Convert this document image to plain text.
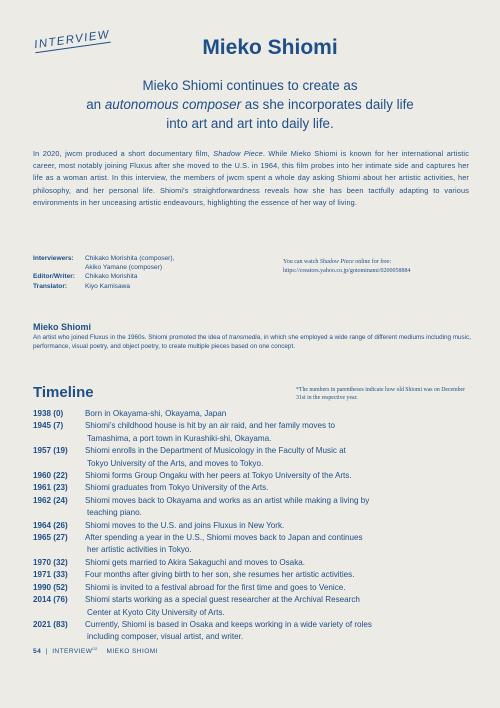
INTERVIEW	Mieko Shiomi

Mieko Shiomi continues to create as

an autonomous composer as she incorporates daily life

into art and art into daily life.

In 2020, jwcm produced a short documentary film, Shadow Piece. While Mieko Shiomi is known for her international artistic career, most notably joining Fluxus after she moved to the U.S. in 1964, this film probes into her intimate side and captures her life as a woman artist. In this interview, the members of jwcm spent a whole day asking Shiomi about her artistic activities, her philosophy, and her personal life. Shiomi's straightforwardness reveals how she has been tactfully adapting to various environments in her unceasing artistic endeavours, highlighting the essence of her way of living.
Interviewers:	Chikako Morishita (composer),
Akiko Yamane (composer)
Editor/Writer:	Chikako Morishita
Translator:	Kiyo Kamisawa
You can watch Shadow Piece online for free:
https://creators.yahoo.co.jp/gotominami/0200058884
Mieko Shiomi
An artist who joined Fluxus in the 1960s. Shiomi promoted the idea of transmedia, in which she employed a wide range of different mediums including music, performance, visual poetry, and object poetry, to create multiple pieces based on one concept.
Timeline	*The numbers in parentheses indicate how old Shiomi was on December 31st in the respective year.
1938 (0)	Born in Okayama-shi, Okayama, Japan
1945 (7)	Shiomi’s childhood house is hit by an air raid, and her family moves to
Tamashima, a port town in Kurashiki-shi, Okayama.
1957 (19)	Shiomi enrolls in the Department of Musicology in the Faculty of Music at
Tokyo University of the Arts, and moves to Tokyo.
1960 (22)	Shiomi forms Group Ongaku with her peers at Tokyo University of the Arts.
1961 (23)	Shiomi graduates from Tokyo University of the Arts.
1962 (24)	Shiomi moves back to Okayama and works as an artist while making a living by
teaching piano.
1964 (26)	Shiomi moves to the U.S. and joins Fluxus in New York.
1965 (27)	After spending a year in the U.S., Shiomi moves back to Japan and continues
her artistic activities in Tokyo.
1970 (32)	Shiomi gets married to Akira Sakaguchi and moves to Osaka.
1971 (33)	Four months after giving birth to her son, she resumes her artistic activities.
1990 (52)	Shiomi is invited to a festival abroad for the first time and goes to Venice.
2014 (76)	Shiomi starts working as a special guest researcher at the Archival Research
Center at Kyoto City University of Arts.
2021 (83)	Currently, Shiomi is based in Osaka and keeps working in a wide variety of roles
including composer, visual artist, and writer.
54 | INTERVIEW$^{02}$ MIEKO SHIOMI
